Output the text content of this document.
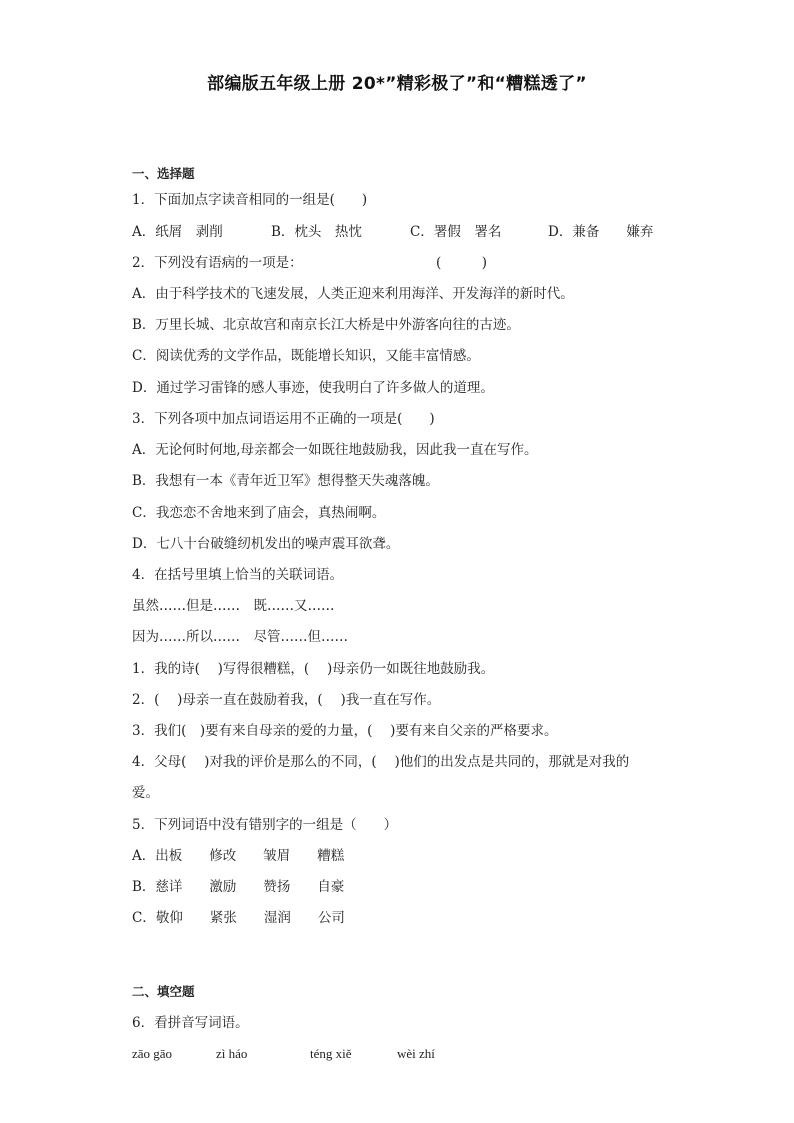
部编版五年级上册 20*”精彩极了”和“糟糕透了”
一、选择题
1．下面加点字读音相同的一组是(　　)
A．纸屑　剥削	B．枕头　热忱	C．署假　署名	D．兼备　　嫌弃
2．下列没有语病的一项是：	(　　　)
A．由于科学技术的飞速发展，人类正迎来利用海洋、开发海洋的新时代。
B．万里长城、北京故宫和南京长江大桥是中外游客向往的古迹。
C．阅读优秀的文学作品，既能增长知识，又能丰富情感。
D．通过学习雷锋的感人事迹，使我明白了许多做人的道理。
3．下列各项中加点词语运用不正确的一项是(　　)
A．无论何时何地,母亲都会一如既往地鼓励我，因此我一直在写作。
B．我想有一本《青年近卫军》想得整天失魂落魄。
C．我恋恋不舍地来到了庙会，真热闹啊。
D．七八十台破缝纫机发出的噪声震耳欲聋。
4．在括号里填上恰当的关联词语。
虽然……但是……　既……又……
因为……所以……　尽管……但……
1．我的诗(　 )写得很糟糕，(　 )母亲仍一如既往地鼓励我。
2．(　 )母亲一直在鼓励着我，(　 )我一直在写作。
3．我们(　)要有来自母亲的爱的力量，(　 )要有来自父亲的严格要求。
4．父母(　 )对我的评价是那么的不同，(　 )他们的出发点是共同的，那就是对我的
爱。
5．下列词语中没有错别字的一组是（　　）
A．出板　　修改　　皱眉　　糟糕
B．慈详　　激励　　赞扬　　自豪
C．敬仰　　紧张　　湿润　　公司
二、填空题
6．看拼音写词语。
zāo gāo	zì háo	téng xiě	wèi zhí
